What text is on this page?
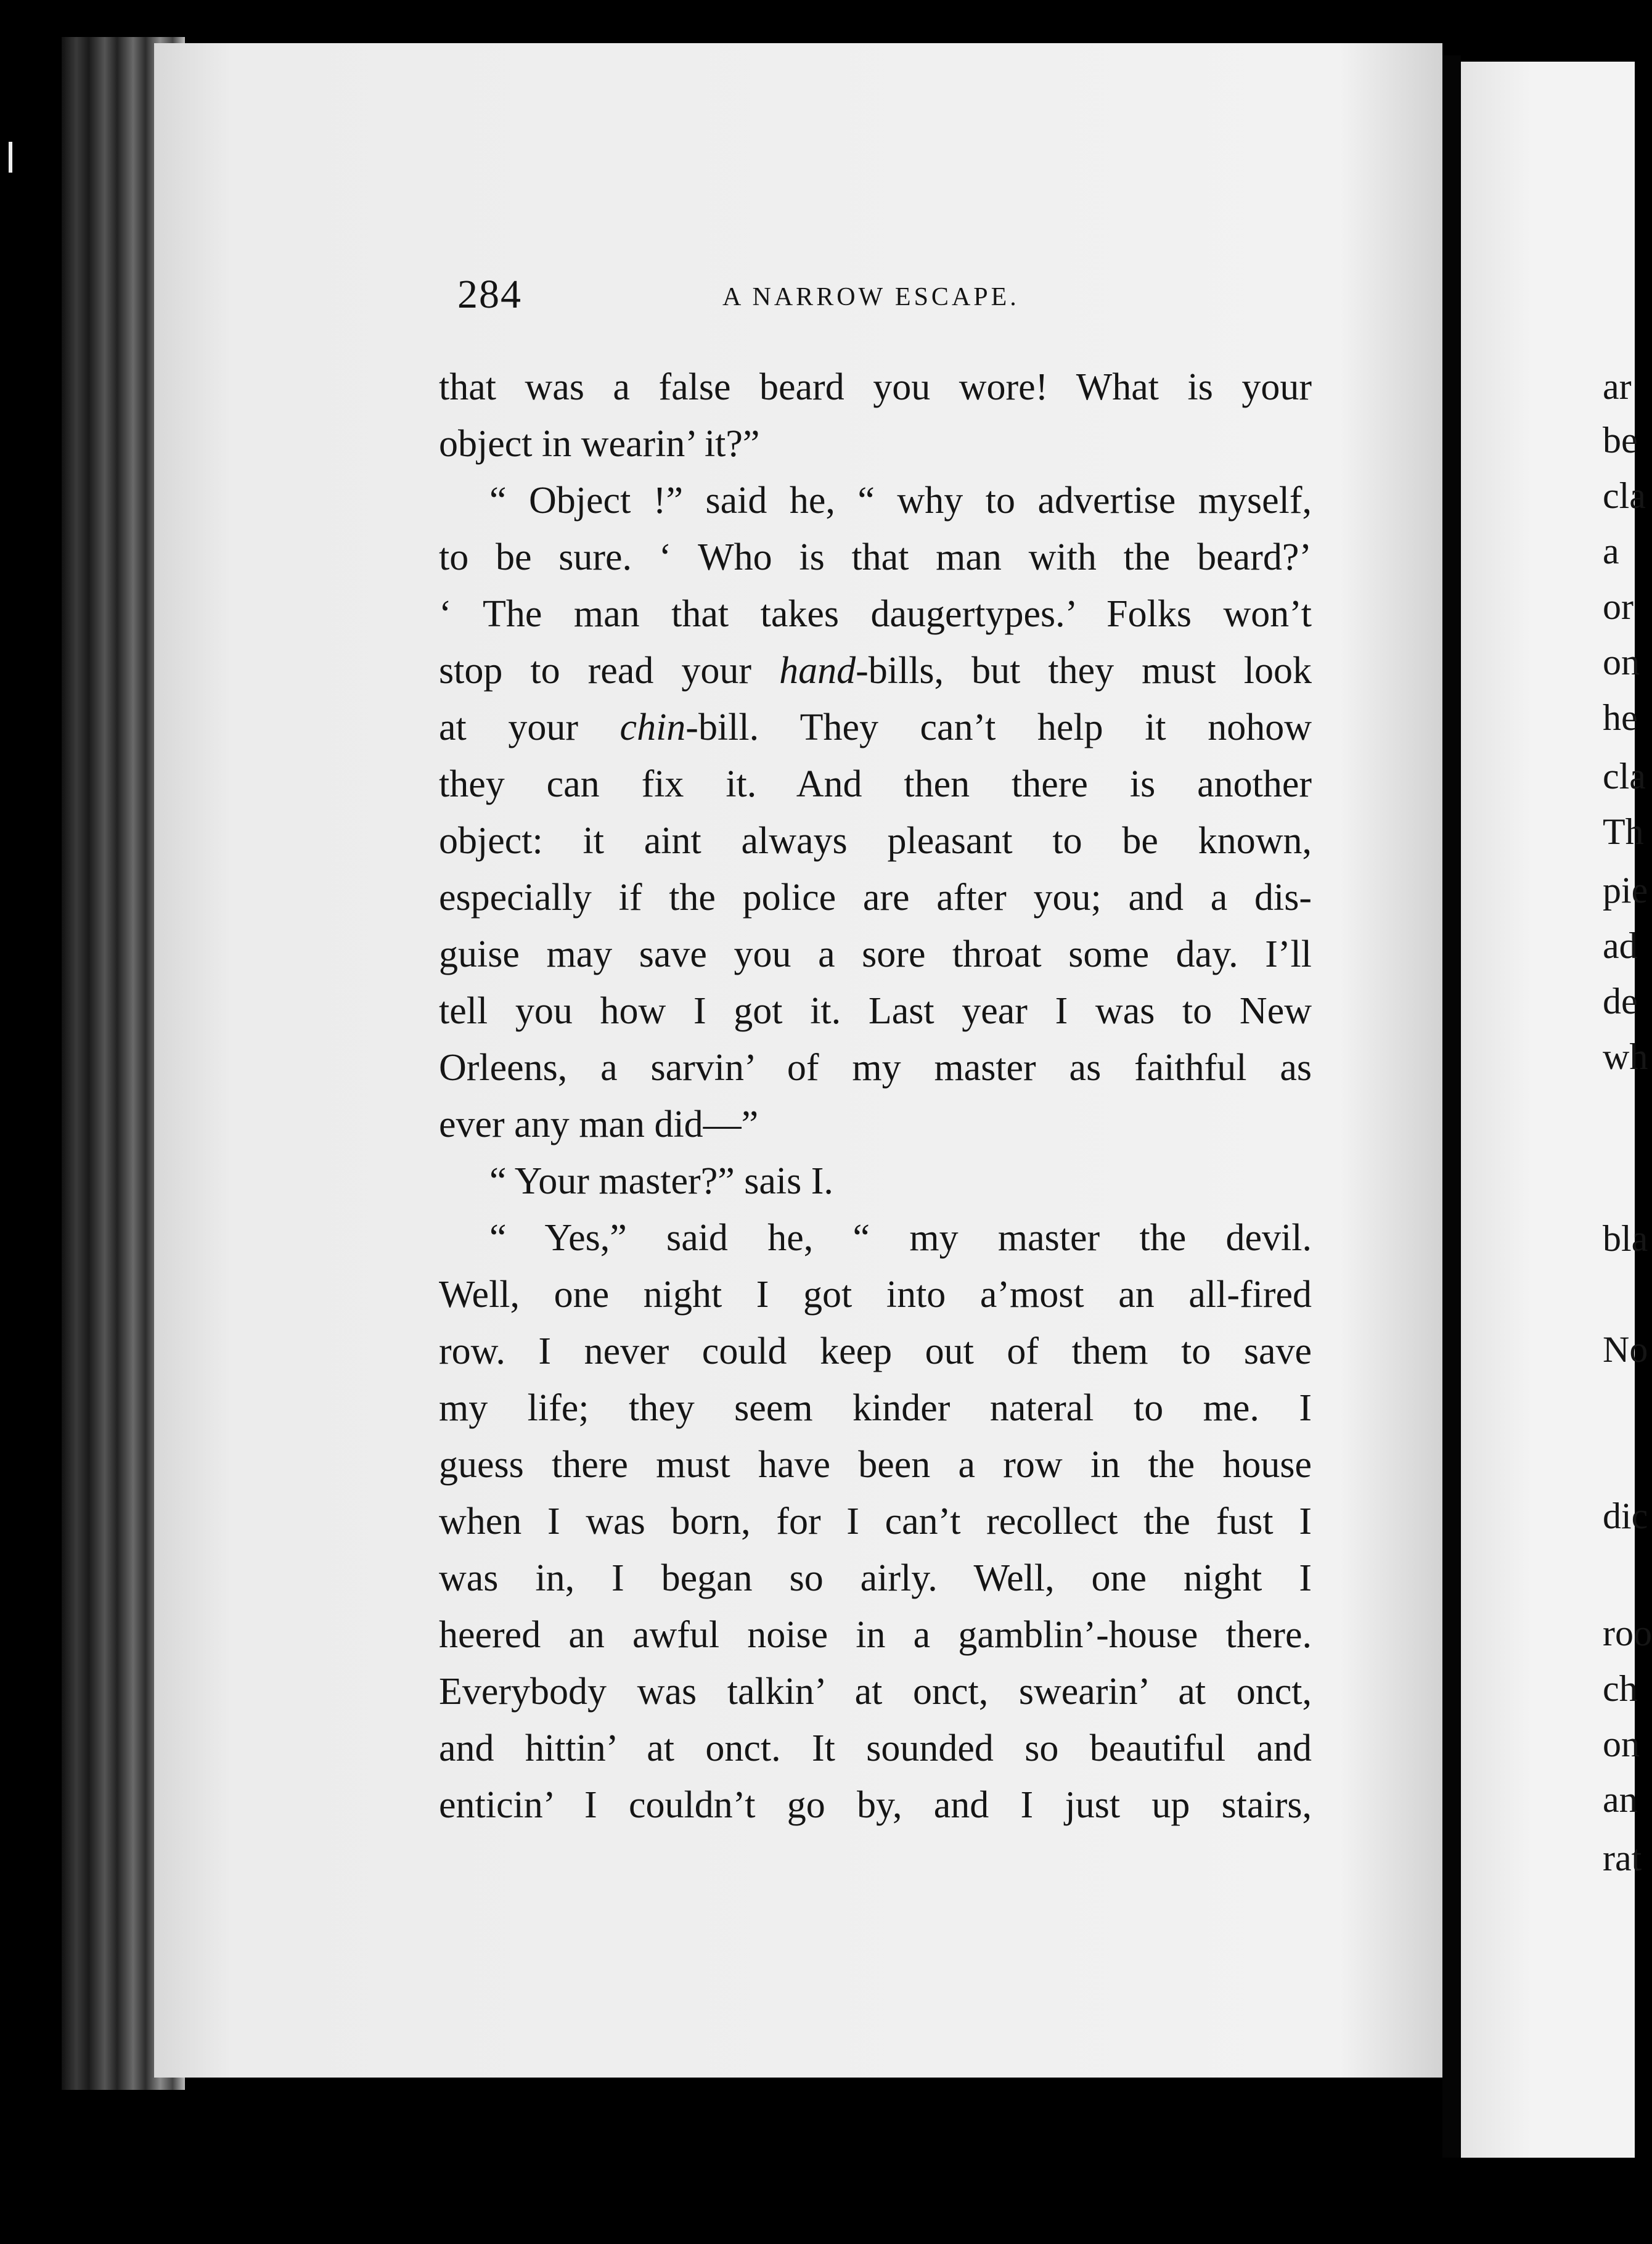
284	A NARROW ESCAPE.
that was a false beard you wore! What is your
object in wearin’ it?”
“ Object !” said he, “ why to advertise myself,
to be sure. ‘ Who is that man with the beard?’
‘ The man that takes daugertypes.’ Folks won’t
stop to read your hand-bills, but they must look
at your chin-bill. They can’t help it nohow
they can fix it. And then there is another
object: it aint always pleasant to be known,
especially if the police are after you; and a dis-
guise may save you a sore throat some day. I’ll
tell you how I got it. Last year I was to New
Orleens, a sarvin’ of my master as faithful as
ever any man did—”
“ Your master?” sais I.
“ Yes,” said he, “ my master the devil.
Well, one night I got into a’most an all-fired
row. I never could keep out of them to save
my life; they seem kinder nateral to me. I
guess there must have been a row in the house
when I was born, for I can’t recollect the fust I
was in, I began so airly. Well, one night I
heered an awful noise in a gamblin’-house there.
Everybody was talkin’ at onct, swearin’ at onct,
and hittin’ at onct. It sounded so beautiful and
enticin’ I couldn’t go by, and I just up stairs,
ar
be
cla
a
or
on
he
cla
Th
pie
ad
de
wh
bla
No
dic
roo
ch
on
an
rat
